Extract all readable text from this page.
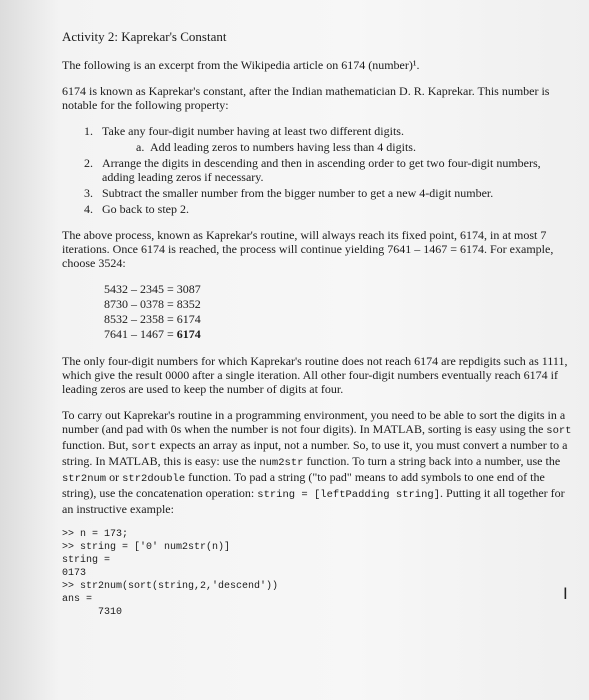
Activity 2: Kaprekar's Constant

The following is an excerpt from the Wikipedia article on 6174 (number)¹.

6174 is known as Kaprekar's constant, after the Indian mathematician D. R. Kaprekar. This number is notable for the following property:

1. Take any four-digit number having at least two different digits.
a. Add leading zeros to numbers having less than 4 digits.
2. Arrange the digits in descending and then in ascending order to get two four-digit numbers, adding leading zeros if necessary.
3. Subtract the smaller number from the bigger number to get a new 4-digit number.
4. Go back to step 2.

The above process, known as Kaprekar's routine, will always reach its fixed point, 6174, in at most 7 iterations. Once 6174 is reached, the process will continue yielding 7641 – 1467 = 6174. For example, choose 3524:

5432 – 2345 = 3087
8730 – 0378 = 8352
8532 – 2358 = 6174
7641 – 1467 = 6174

The only four-digit numbers for which Kaprekar's routine does not reach 6174 are repdigits such as 1111, which give the result 0000 after a single iteration. All other four-digit numbers eventually reach 6174 if leading zeros are used to keep the number of digits at four.

To carry out Kaprekar's routine in a programming environment, you need to be able to sort the digits in a number (and pad with 0s when the number is not four digits). In MATLAB, sorting is easy using the sort function. But, sort expects an array as input, not a number. So, to use it, you must convert a number to a string. In MATLAB, this is easy: use the num2str function. To turn a string back into a number, use the str2num or str2double function. To pad a string ("to pad" means to add symbols to one end of the string), use the concatenation operation: string = [leftPadding string]. Putting it all together for an instructive example:

>> n = 173;
>> string = ['0' num2str(n)]
string =
0173
>> str2num(sort(string,2,'descend'))
ans =
7310
I
